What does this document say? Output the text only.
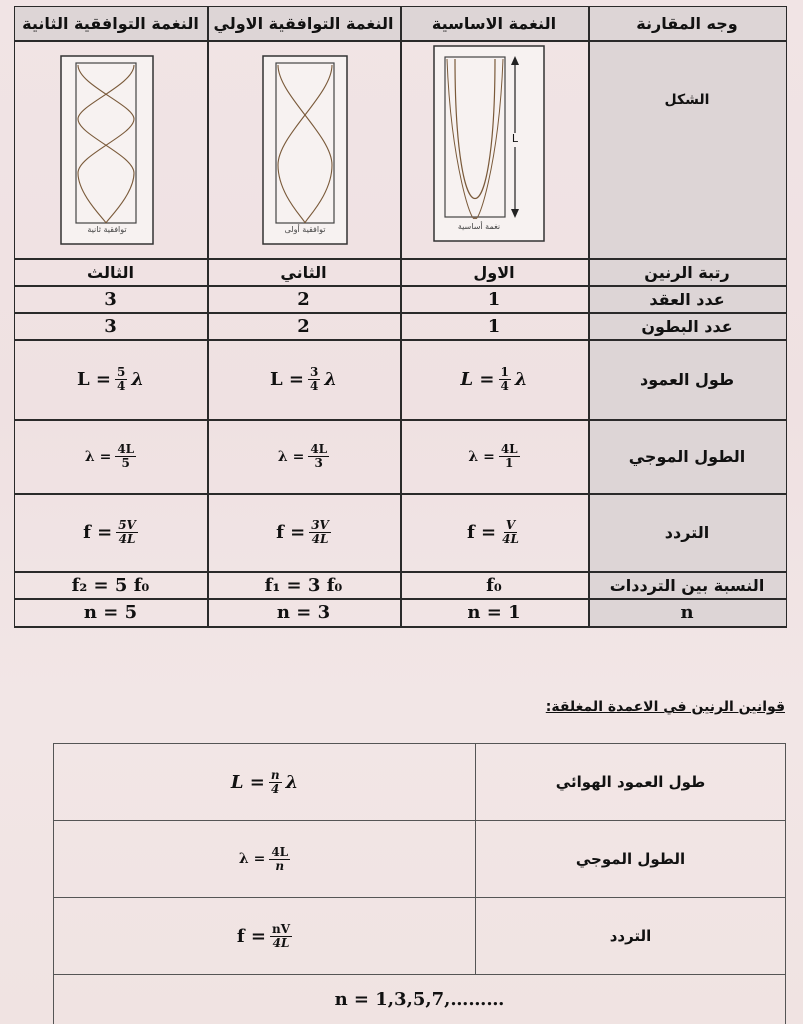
وجه المقارنة
النغمة الاساسية
النغمة التوافقية الاولي
النغمة التوافقية الثانية
الشكل
L
نغمة أساسية
توافقية أولى
توافقية ثانية
رتبة الرنين
الاول
الثاني
الثالث
عدد العقد
1
2
3
عدد البطون
1
2
3
طول العمود
$L = \frac{1}{4}$ λ
$L = \frac{3}{4}$ λ
$L = \frac{5}{4}$ λ
الطول الموجي
$\lambda = \frac{4L}{1}$
$\lambda = \frac{4L}{3}$
$\lambda = \frac{4L}{5}$
التردد
$f = \frac{V}{4L}$
$f = \frac{3V}{4L}$
$f = \frac{5V}{4L}$
النسبة بين الترددات
f₀
f₁ = 3 f₀
f₂ = 5 f₀
n
n = 1
n = 3
n = 5
قوانين الرنين في الاعمدة المغلقة:
طول العمود الهوائي
$L = \frac{n}{4}$ λ
الطول الموجي
$\lambda = \frac{4L}{n}$
التردد
$f = \frac{nV}{4L}$
n = 1,3,5,7,………
